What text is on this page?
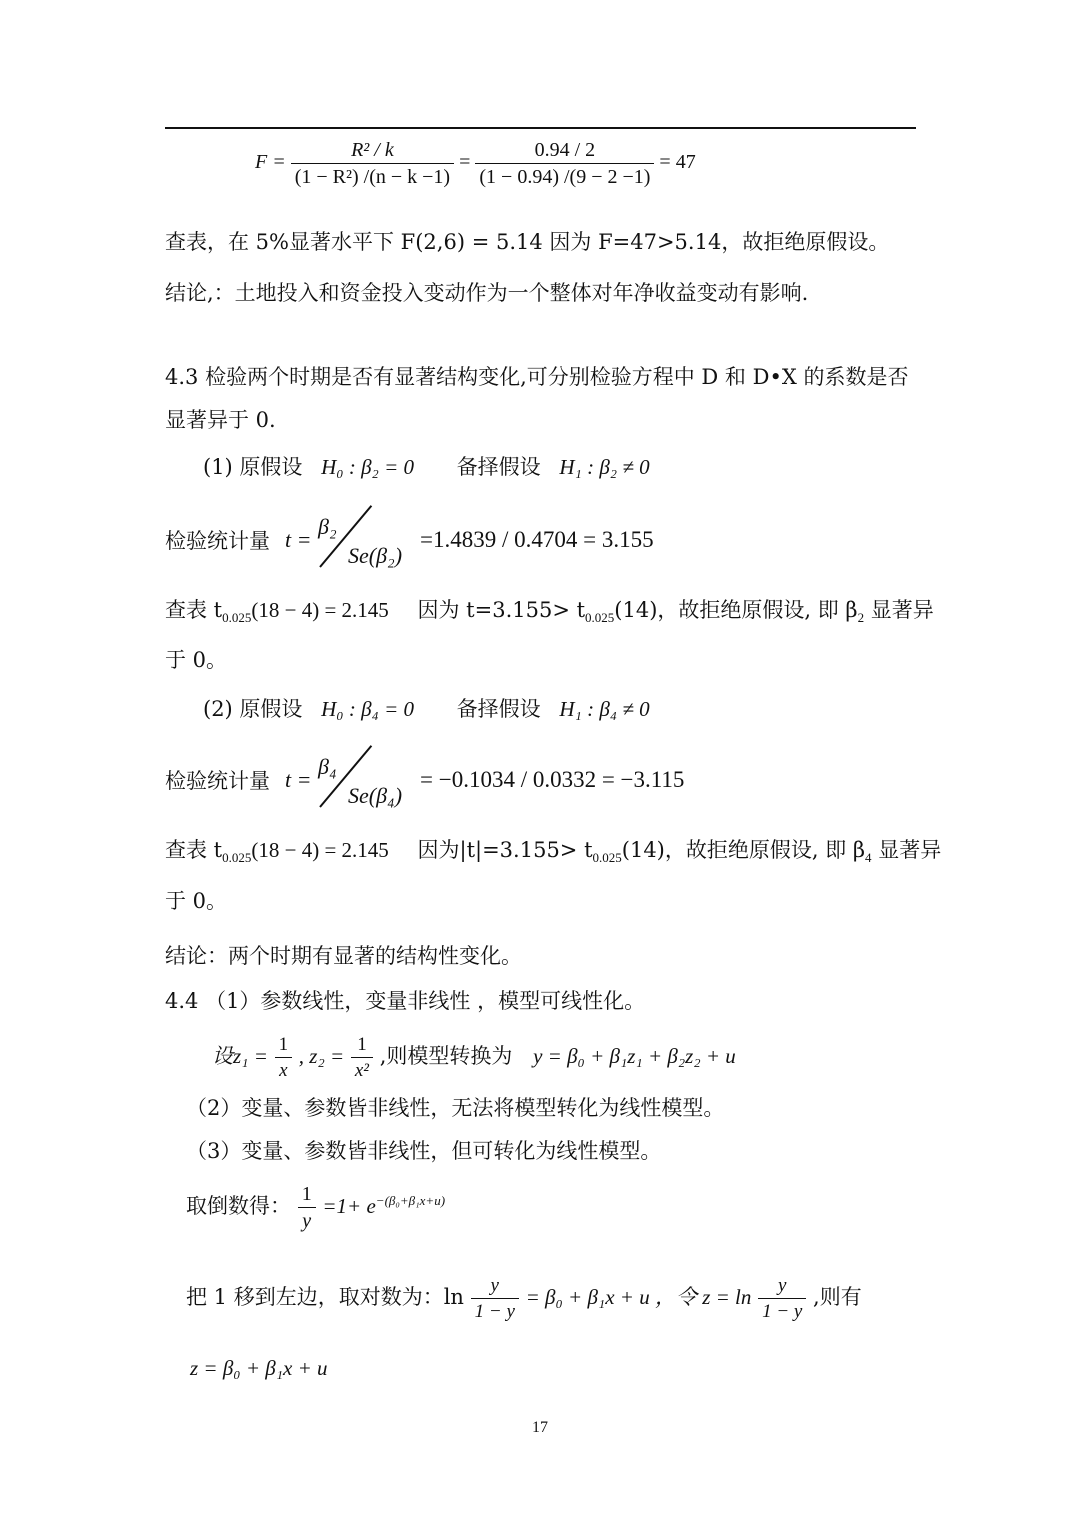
$F = \frac{\text{R² / k}}{\text{(1 − R²) /(n − k −1)}} = \frac{0.94 / 2}{(1 - 0.94) /(9 - 2 -1)} = 47$
查表，在 5%显著水平下 F(2,6) = 5.14 因为 F=47>5.14，故拒绝原假设。
结论,：土地投入和资金投入变动作为一个整体对年净收益变动有影响.
4.3 检验两个时期是否有显著结构变化,可分别检验方程中 D 和 D•X 的系数是否
显著异于 0.
(1) 原假设 H₀ : β₂ = 0 备择假设 H₁ : β₂ ≠ 0
检验统计量 t =
β₂
Se(β₂)
=1.4839 / 0.4704 = 3.155
查表 $t_{0.025}(18 - 4) = 2.145$ 因为 $t=3.155> t_{0.025}(14)$，故拒绝原假设, 即 $\beta_2$ 显著异
于 0。
(2) 原假设 H₀ : β₄ = 0 备择假设 H₁ : β₄ ≠ 0
检验统计量 t =
β₄
Se(β₄)
= −0.1034 / 0.0332 = −3.115
查表 $t_{0.025}(18 - 4) = 2.145$ 因为$|t|=3.155> t_{0.025}(14)$，故拒绝原假设, 即 $\beta_4$ 显著异
于 0。
结论：两个时期有显著的结构性变化。
4.4 （1）参数线性，变量非线性 ，模型可线性化。
设$z_1 = \frac{1}{x}$ , $z_2 = \frac{1}{\text{x²}}$ ,则模型转换为 y = β₀ + β₁z₁ + β₂z₂ + u
（2）变量、参数皆非线性，无法将模型转化为线性模型。
（3）变量、参数皆非线性，但可转化为线性模型。
取倒数得： $\frac{1}{y} =1+ e^{-(\beta_0+\beta_1x+u)}$
把 1 移到左边，取对数为：$\ln \frac{y}{1 - y} = \beta_0 + \beta_1x + u$ ，令 $z = \ln \frac{y}{1 - y}$ ,则有
z = β₀ + β₁x + u
17
